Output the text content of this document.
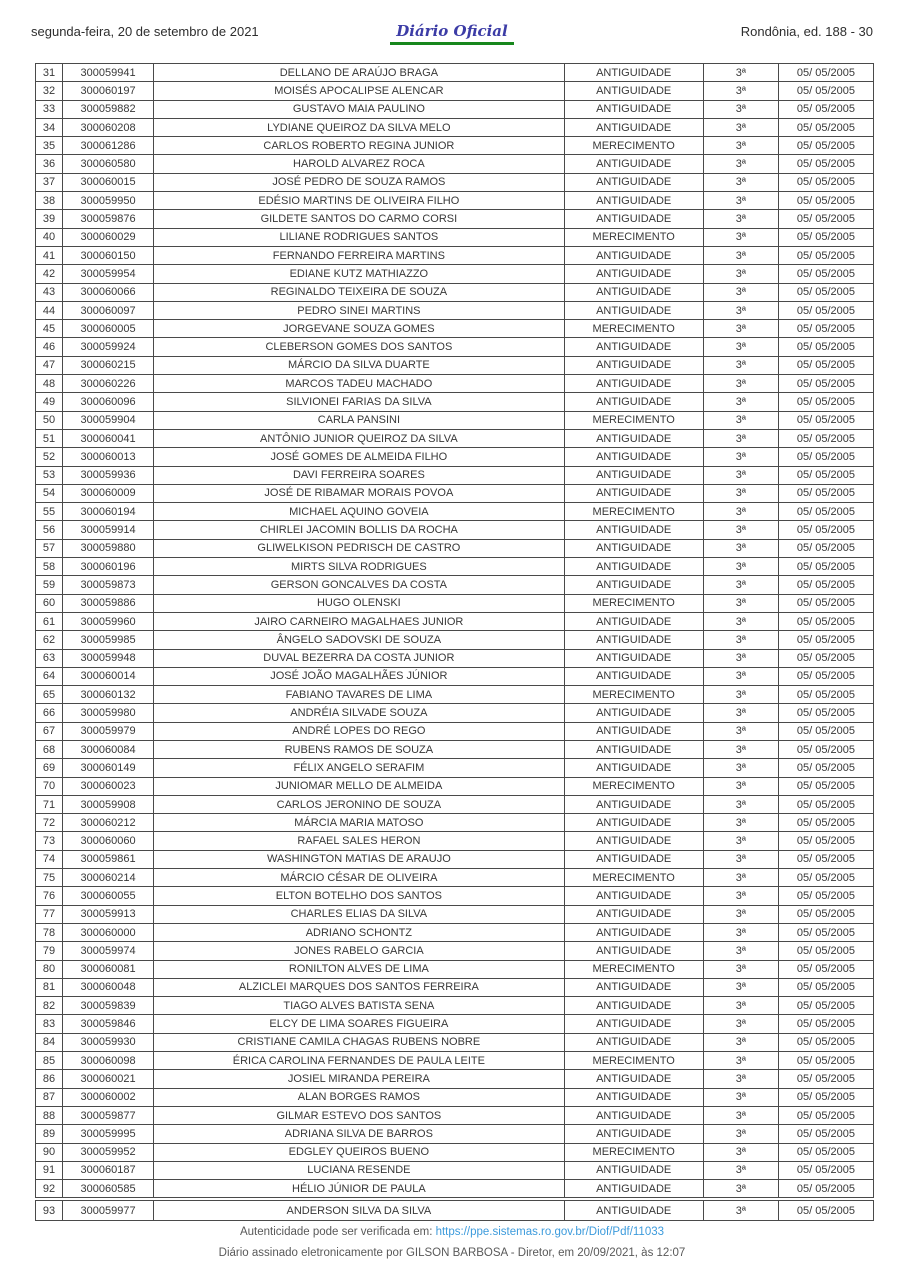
Diário Oficial
segunda-feira, 20 de setembro de 2021	Rondônia, ed. 188 - 30
31	300059941	DELLANO DE ARAÚJO BRAGA	ANTIGUIDADE	3ª	05/ 05/2005
32	300060197	MOISÉS APOCALIPSE ALENCAR	ANTIGUIDADE	3ª	05/ 05/2005
33	300059882	GUSTAVO MAIA PAULINO	ANTIGUIDADE	3ª	05/ 05/2005
34	300060208	LYDIANE QUEIROZ DA SILVA MELO	ANTIGUIDADE	3ª	05/ 05/2005
35	300061286	CARLOS ROBERTO REGINA JUNIOR	MERECIMENTO	3ª	05/ 05/2005
36	300060580	HAROLD ALVAREZ ROCA	ANTIGUIDADE	3ª	05/ 05/2005
37	300060015	JOSÉ PEDRO DE SOUZA RAMOS	ANTIGUIDADE	3ª	05/ 05/2005
38	300059950	EDÉSIO MARTINS DE OLIVEIRA FILHO	ANTIGUIDADE	3ª	05/ 05/2005
39	300059876	GILDETE SANTOS DO CARMO CORSI	ANTIGUIDADE	3ª	05/ 05/2005
40	300060029	LILIANE RODRIGUES SANTOS	MERECIMENTO	3ª	05/ 05/2005
41	300060150	FERNANDO FERREIRA MARTINS	ANTIGUIDADE	3ª	05/ 05/2005
42	300059954	EDIANE KUTZ MATHIAZZO	ANTIGUIDADE	3ª	05/ 05/2005
43	300060066	REGINALDO TEIXEIRA DE SOUZA	ANTIGUIDADE	3ª	05/ 05/2005
44	300060097	PEDRO SINEI MARTINS	ANTIGUIDADE	3ª	05/ 05/2005
45	300060005	JORGEVANE SOUZA GOMES	MERECIMENTO	3ª	05/ 05/2005
46	300059924	CLEBERSON GOMES DOS SANTOS	ANTIGUIDADE	3ª	05/ 05/2005
47	300060215	MÁRCIO DA SILVA DUARTE	ANTIGUIDADE	3ª	05/ 05/2005
48	300060226	MARCOS TADEU MACHADO	ANTIGUIDADE	3ª	05/ 05/2005
49	300060096	SILVIONEI FARIAS DA SILVA	ANTIGUIDADE	3ª	05/ 05/2005
50	300059904	CARLA PANSINI	MERECIMENTO	3ª	05/ 05/2005
51	300060041	ANTÔNIO JUNIOR QUEIROZ DA SILVA	ANTIGUIDADE	3ª	05/ 05/2005
52	300060013	JOSÉ GOMES DE ALMEIDA FILHO	ANTIGUIDADE	3ª	05/ 05/2005
53	300059936	DAVI FERREIRA SOARES	ANTIGUIDADE	3ª	05/ 05/2005
54	300060009	JOSÉ DE RIBAMAR MORAIS POVOA	ANTIGUIDADE	3ª	05/ 05/2005
55	300060194	MICHAEL AQUINO GOVEIA	MERECIMENTO	3ª	05/ 05/2005
56	300059914	CHIRLEI JACOMIN BOLLIS DA ROCHA	ANTIGUIDADE	3ª	05/ 05/2005
57	300059880	GLIWELKISON PEDRISCH DE CASTRO	ANTIGUIDADE	3ª	05/ 05/2005
58	300060196	MIRTS SILVA RODRIGUES	ANTIGUIDADE	3ª	05/ 05/2005
59	300059873	GERSON GONCALVES DA COSTA	ANTIGUIDADE	3ª	05/ 05/2005
60	300059886	HUGO OLENSKI	MERECIMENTO	3ª	05/ 05/2005
61	300059960	JAIRO CARNEIRO MAGALHAES JUNIOR	ANTIGUIDADE	3ª	05/ 05/2005
62	300059985	ÂNGELO SADOVSKI DE SOUZA	ANTIGUIDADE	3ª	05/ 05/2005
63	300059948	DUVAL BEZERRA DA COSTA JUNIOR	ANTIGUIDADE	3ª	05/ 05/2005
64	300060014	JOSÉ JOÃO MAGALHÃES JÚNIOR	ANTIGUIDADE	3ª	05/ 05/2005
65	300060132	FABIANO TAVARES DE LIMA	MERECIMENTO	3ª	05/ 05/2005
66	300059980	ANDRÉIA SILVADE SOUZA	ANTIGUIDADE	3ª	05/ 05/2005
67	300059979	ANDRÉ LOPES DO REGO	ANTIGUIDADE	3ª	05/ 05/2005
68	300060084	RUBENS RAMOS DE SOUZA	ANTIGUIDADE	3ª	05/ 05/2005
69	300060149	FÉLIX ANGELO SERAFIM	ANTIGUIDADE	3ª	05/ 05/2005
70	300060023	JUNIOMAR MELLO DE ALMEIDA	MERECIMENTO	3ª	05/ 05/2005
71	300059908	CARLOS JERONINO DE SOUZA	ANTIGUIDADE	3ª	05/ 05/2005
72	300060212	MÁRCIA MARIA MATOSO	ANTIGUIDADE	3ª	05/ 05/2005
73	300060060	RAFAEL SALES HERON	ANTIGUIDADE	3ª	05/ 05/2005
74	300059861	WASHINGTON MATIAS DE ARAUJO	ANTIGUIDADE	3ª	05/ 05/2005
75	300060214	MÁRCIO CÉSAR DE OLIVEIRA	MERECIMENTO	3ª	05/ 05/2005
76	300060055	ELTON BOTELHO DOS SANTOS	ANTIGUIDADE	3ª	05/ 05/2005
77	300059913	CHARLES ELIAS DA SILVA	ANTIGUIDADE	3ª	05/ 05/2005
78	300060000	ADRIANO SCHONTZ	ANTIGUIDADE	3ª	05/ 05/2005
79	300059974	JONES RABELO GARCIA	ANTIGUIDADE	3ª	05/ 05/2005
80	300060081	RONILTON ALVES DE LIMA	MERECIMENTO	3ª	05/ 05/2005
81	300060048	ALZICLEI MARQUES DOS SANTOS FERREIRA	ANTIGUIDADE	3ª	05/ 05/2005
82	300059839	TIAGO ALVES BATISTA SENA	ANTIGUIDADE	3ª	05/ 05/2005
83	300059846	ELCY DE LIMA SOARES FIGUEIRA	ANTIGUIDADE	3ª	05/ 05/2005
84	300059930	CRISTIANE CAMILA CHAGAS RUBENS NOBRE	ANTIGUIDADE	3ª	05/ 05/2005
85	300060098	ÉRICA CAROLINA FERNANDES DE PAULA LEITE	MERECIMENTO	3ª	05/ 05/2005
86	300060021	JOSIEL MIRANDA PEREIRA	ANTIGUIDADE	3ª	05/ 05/2005
87	300060002	ALAN BORGES RAMOS	ANTIGUIDADE	3ª	05/ 05/2005
88	300059877	GILMAR ESTEVO DOS SANTOS	ANTIGUIDADE	3ª	05/ 05/2005
89	300059995	ADRIANA SILVA DE BARROS	ANTIGUIDADE	3ª	05/ 05/2005
90	300059952	EDGLEY QUEIROS BUENO	MERECIMENTO	3ª	05/ 05/2005
91	300060187	LUCIANA RESENDE	ANTIGUIDADE	3ª	05/ 05/2005
92	300060585	HÉLIO JÚNIOR DE PAULA	ANTIGUIDADE	3ª	05/ 05/2005
93	300059977	ANDERSON SILVA DA SILVA	ANTIGUIDADE	3ª	05/ 05/2005

Autenticidade pode ser verificada em: https://ppe.sistemas.ro.gov.br/Diof/Pdf/11033

Diário assinado eletronicamente por GILSON BARBOSA - Diretor, em 20/09/2021, às 12:07
